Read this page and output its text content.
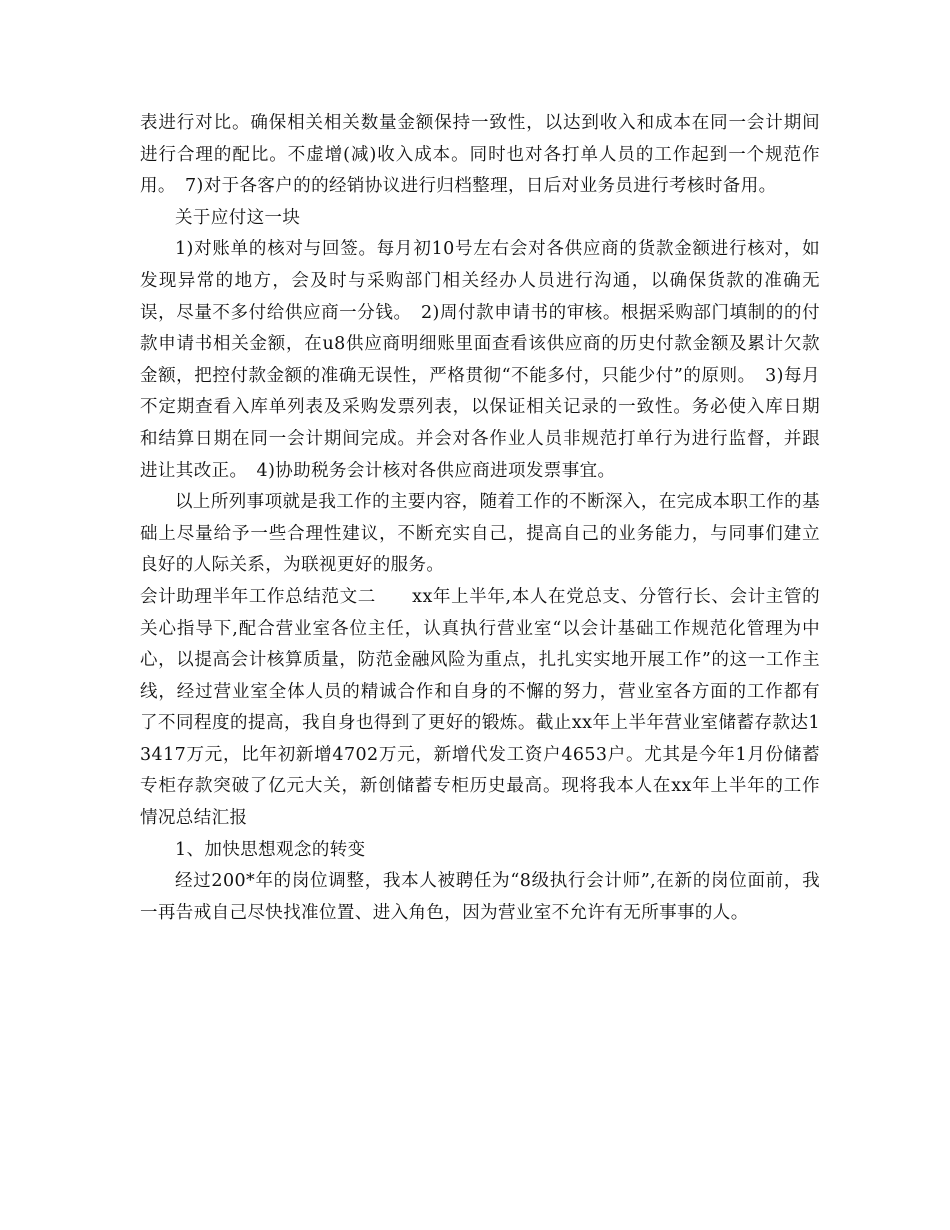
表进行对比。确保相关相关数量金额保持一致性，以达到收入和成本在同一会计期间进行合理的配比。不虚增(减)收入成本。同时也对各打单人员的工作起到一个规范作用。　7)对于各客户的的经销协议进行归档整理，日后对业务员进行考核时备用。

关于应付这一块

1)对账单的核对与回签。每月初10号左右会对各供应商的货款金额进行核对，如发现异常的地方，会及时与采购部门相关经办人员进行沟通，以确保货款的准确无误，尽量不多付给供应商一分钱。　2)周付款申请书的审核。根据采购部门填制的的付款申请书相关金额，在u8供应商明细账里面查看该供应商的历史付款金额及累计欠款金额，把控付款金额的准确无误性，严格贯彻“不能多付，只能少付”的原则。　3)每月不定期查看入库单列表及采购发票列表，以保证相关记录的一致性。务必使入库日期和结算日期在同一会计期间完成。并会对各作业人员非规范打单行为进行监督，并跟进让其改正。　4)协助税务会计核对各供应商进项发票事宜。

以上所列事项就是我工作的主要内容，随着工作的不断深入，在完成本职工作的基础上尽量给予一些合理性建议，不断充实自己，提高自己的业务能力，与同事们建立良好的人际关系，为联视更好的服务。

会计助理半年工作总结范文二　　xx年上半年,本人在党总支、分管行长、会计主管的关心指导下,配合营业室各位主任，认真执行营业室“以会计基础工作规范化管理为中心，以提高会计核算质量，防范金融风险为重点，扎扎实实地开展工作”的这一工作主线，经过营业室全体人员的精诚合作和自身的不懈的努力，营业室各方面的工作都有了不同程度的提高，我自身也得到了更好的锻炼。截止xx年上半年营业室储蓄存款达13417万元，比年初新增4702万元，新增代发工资户4653户。尤其是今年1月份储蓄专柜存款突破了亿元大关，新创储蓄专柜历史最高。现将我本人在xx年上半年的工作情况总结汇报

1、加快思想观念的转变

经过200*年的岗位调整，我本人被聘任为“8级执行会计师”,在新的岗位面前，我一再告戒自己尽快找准位置、进入角色，因为营业室不允许有无所事事的人。
